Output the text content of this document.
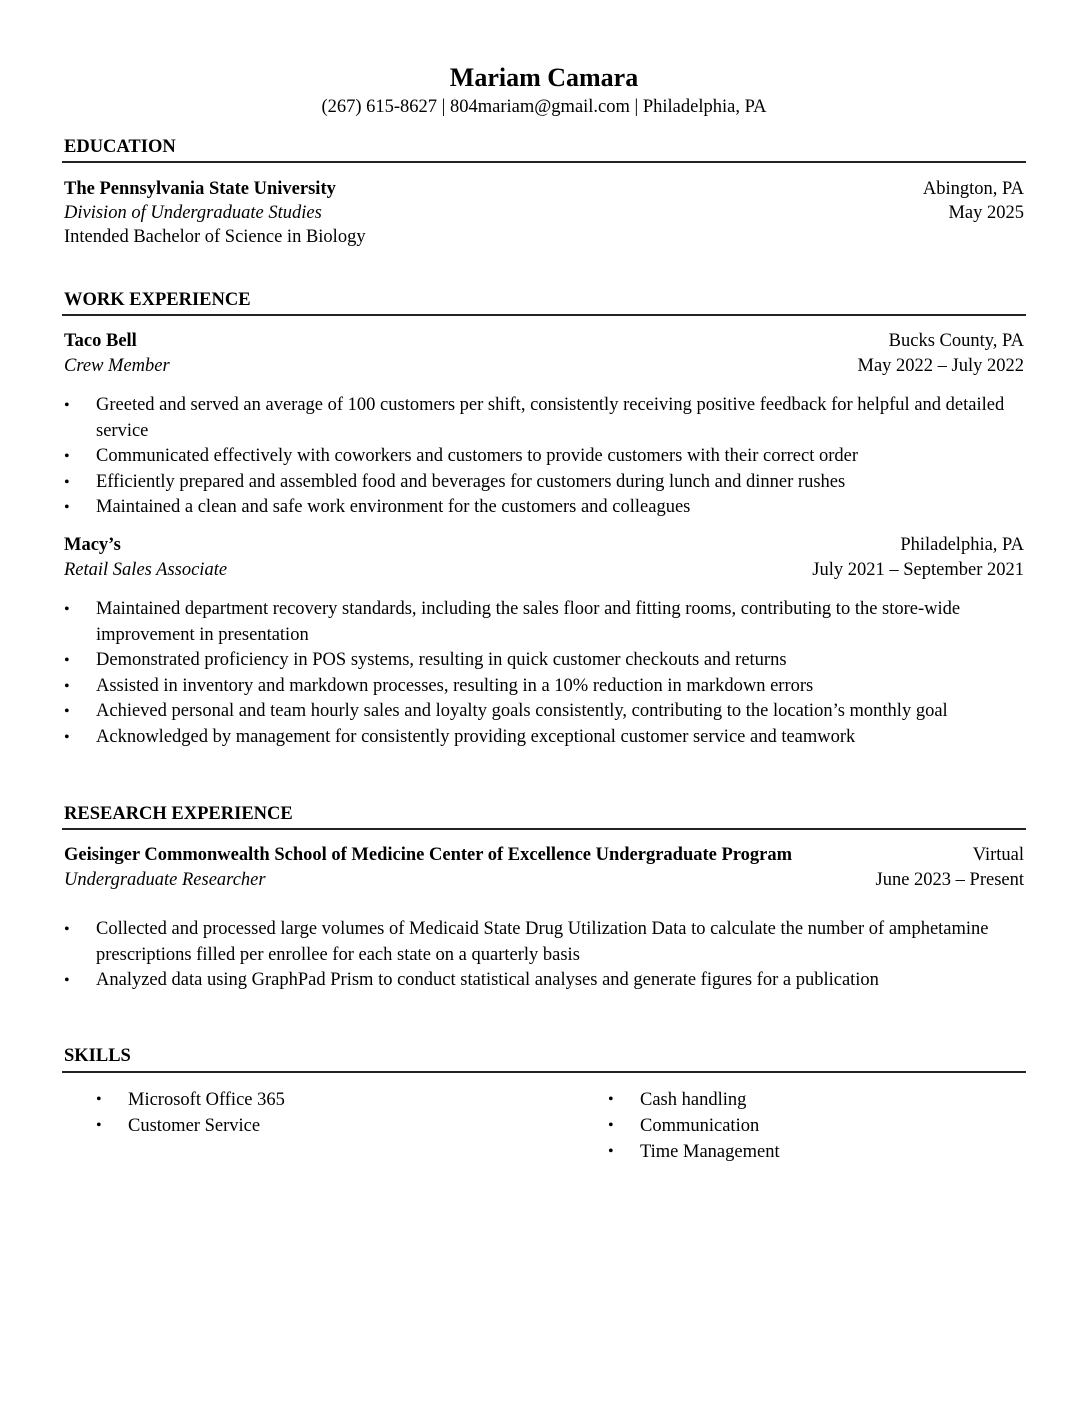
Mariam Camara
(267) 615-8627 | 804mariam@gmail.com | Philadelphia, PA
EDUCATION
The Pennsylvania State University	Abington, PA
Division of Undergraduate Studies	May 2025
Intended Bachelor of Science in Biology
WORK EXPERIENCE
Taco Bell	Bucks County, PA
Crew Member	May 2022 – July 2022
• Greeted and served an average of 100 customers per shift, consistently receiving positive feedback for helpful and detailed service
• Communicated effectively with coworkers and customers to provide customers with their correct order
• Efficiently prepared and assembled food and beverages for customers during lunch and dinner rushes
• Maintained a clean and safe work environment for the customers and colleagues
Macy’s	Philadelphia, PA
Retail Sales Associate	July 2021 – September 2021
• Maintained department recovery standards, including the sales floor and fitting rooms, contributing to the store-wide improvement in presentation
• Demonstrated proficiency in POS systems, resulting in quick customer checkouts and returns
• Assisted in inventory and markdown processes, resulting in a 10% reduction in markdown errors
• Achieved personal and team hourly sales and loyalty goals consistently, contributing to the location’s monthly goal
• Acknowledged by management for consistently providing exceptional customer service and teamwork
RESEARCH EXPERIENCE
Geisinger Commonwealth School of Medicine Center of Excellence Undergraduate Program	Virtual
Undergraduate Researcher	June 2023 – Present
• Collected and processed large volumes of Medicaid State Drug Utilization Data to calculate the number of amphetamine prescriptions filled per enrollee for each state on a quarterly basis
• Analyzed data using GraphPad Prism to conduct statistical analyses and generate figures for a publication
SKILLS
• Microsoft Office 365
• Customer Service
• Cash handling
• Communication
• Time Management
